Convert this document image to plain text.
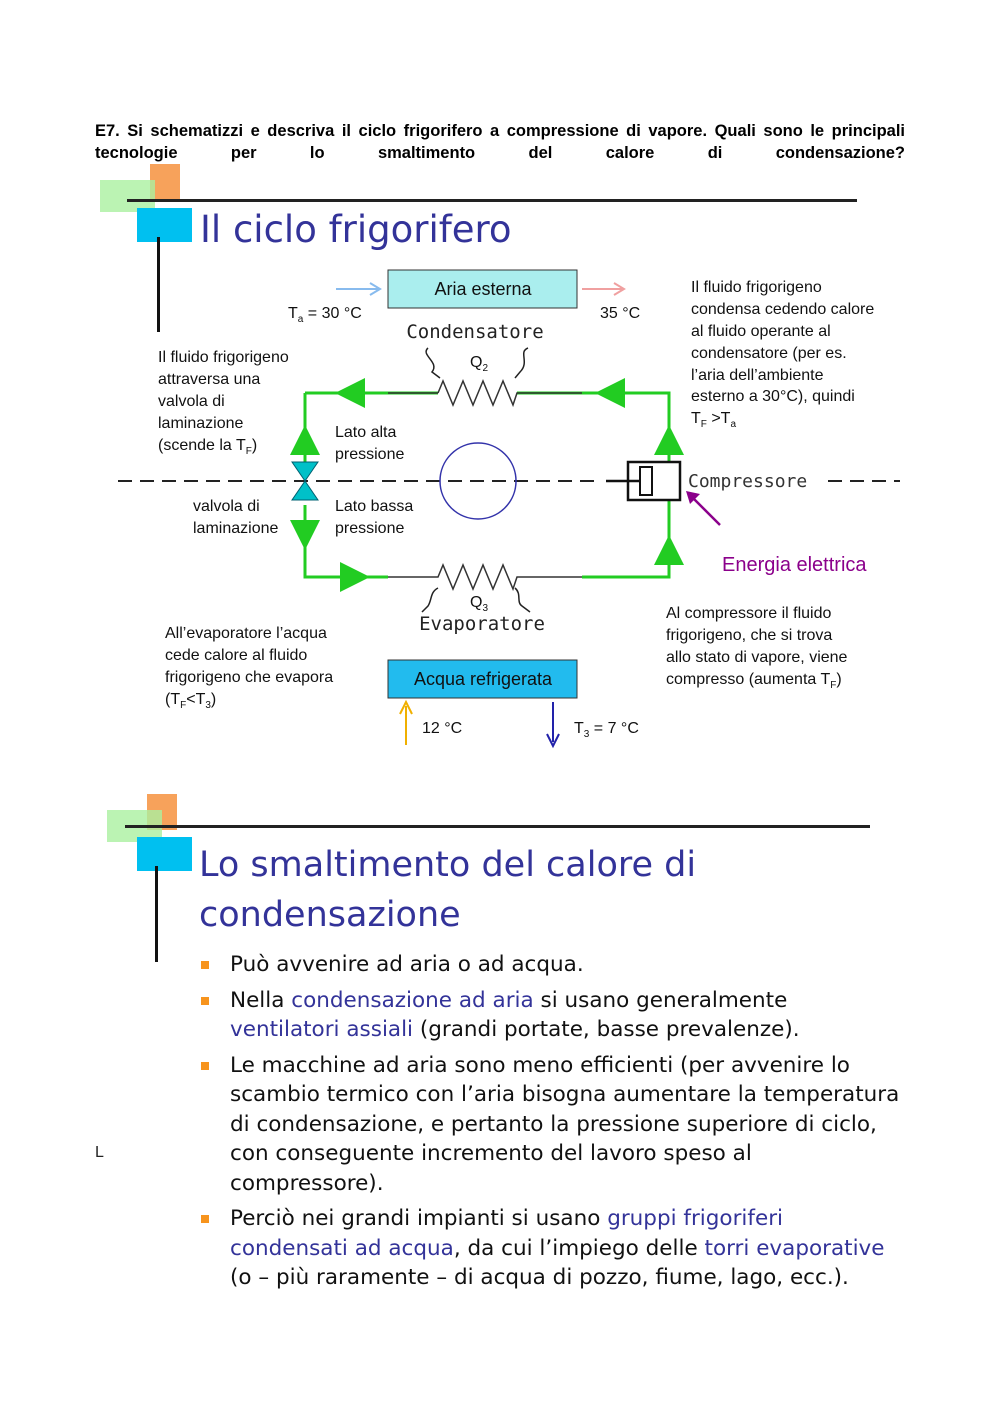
E7. Si schematizzi e descriva il ciclo frigorifero a compressione di vapore. Quali sono le principali tecnologie per lo smaltimento del calore di condensazione?
Il ciclo frigorifero
Aria esterna
$T_a = 30$ °C	35 °C
Condensatore
$Q_2$
Compressore
Energia elettrica
Il fluido frigorigeno attraversa una valvola di laminazione
(scende la $T_F$)
Il fluido frigorigeno condensa cedendo calore al fluido operante al condensatore (per es. l’aria dell’ambiente esterno a 30°C), quindi
$T_F >T_a$
Lato alta pressione
Lato bassa pressione
valvola di laminazione
$Q_3$
Evaporatore
All’evaporatore l’acqua cede calore al fluido frigorigeno che evapora
$(T_F<T_3)$
Al compressore il fluido frigorigeno, che si trova allo stato di vapore, viene
compresso (aumenta $T_F$)
Acqua refrigerata
12 °C	$T_3 = 7$ °C
Lo smaltimento del calore di
condensazione
Può avvenire ad aria o ad acqua.
Nella condensazione ad aria si usano generalmente ventilatori assiali (grandi portate, basse prevalenze).
Le macchine ad aria sono meno efficienti (per avvenire lo scambio termico con l’aria bisogna aumentare la temperatura di condensazione, e pertanto la pressione superiore di ciclo, con conseguente incremento del lavoro speso al compressore).
Perciò nei grandi impianti si usano gruppi frigoriferi condensati ad acqua, da cui l’impiego delle torri evaporative (o – più raramente – di acqua di pozzo, fiume, lago, ecc.).
L
